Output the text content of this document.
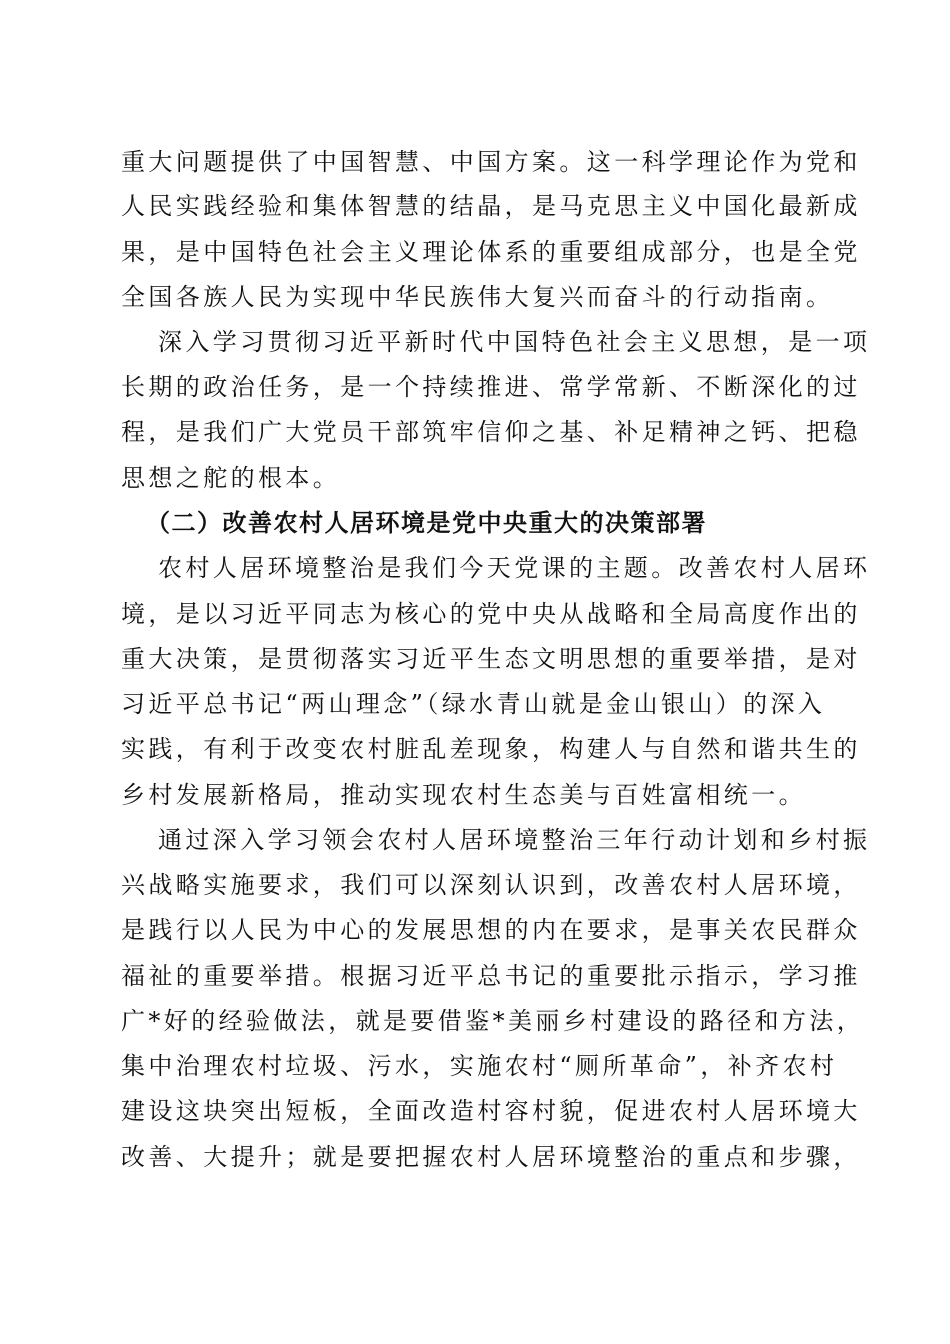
重大问题提供了中国智慧、中国方案。这一科学理论作为党和
人民实践经验和集体智慧的结晶，是马克思主义中国化最新成
果，是中国特色社会主义理论体系的重要组成部分，也是全党
全国各族人民为实现中华民族伟大复兴而奋斗的行动指南。
深入学习贯彻习近平新时代中国特色社会主义思想，是一项
长期的政治任务，是一个持续推进、常学常新、不断深化的过
程，是我们广大党员干部筑牢信仰之基、补足精神之钙、把稳
思想之舵的根本。
（二）改善农村人居环境是党中央重大的决策部署
农村人居环境整治是我们今天党课的主题。改善农村人居环
境，是以习近平同志为核心的党中央从战略和全局高度作出的
重大决策，是贯彻落实习近平生态文明思想的重要举措，是对
习近平总书记“两山理念”（绿水青山就是金山银山）的深入
实践，有利于改变农村脏乱差现象，构建人与自然和谐共生的
乡村发展新格局，推动实现农村生态美与百姓富相统一。
通过深入学习领会农村人居环境整治三年行动计划和乡村振
兴战略实施要求，我们可以深刻认识到，改善农村人居环境，
是践行以人民为中心的发展思想的内在要求，是事关农民群众
福祉的重要举措。根据习近平总书记的重要批示指示，学习推
广*好的经验做法，就是要借鉴*美丽乡村建设的路径和方法，
集中治理农村垃圾、污水，实施农村“厕所革命”，补齐农村
建设这块突出短板，全面改造村容村貌，促进农村人居环境大
改善、大提升；就是要把握农村人居环境整治的重点和步骤，
